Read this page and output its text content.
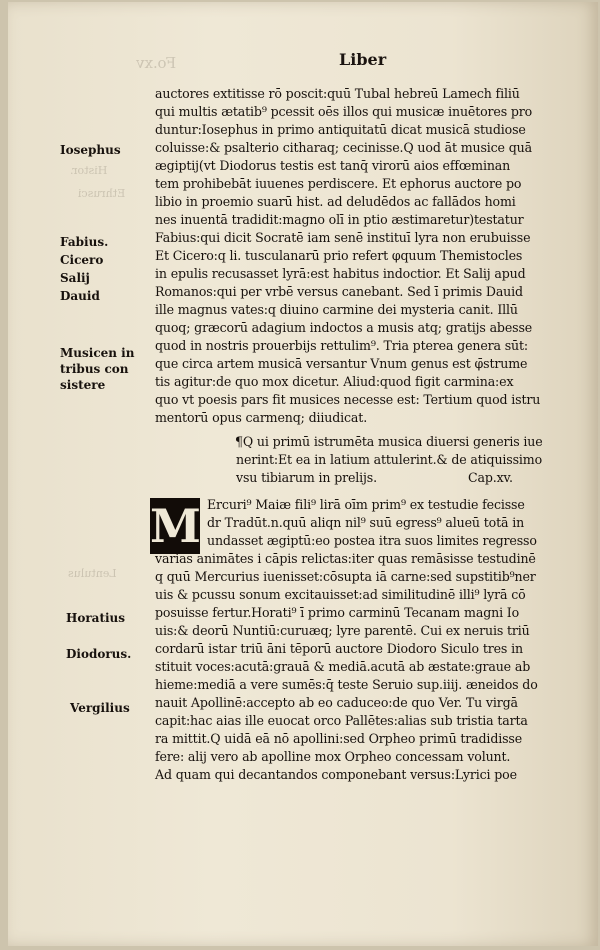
Fo.xv
Histor.
Ethrusci
Lentulus
Liber
auctores extitisse rō poscit:quū Tubal hebreū Lamech filiū
qui multis ætatib⁹ pcessit oēs illos qui musicæ inuētores pro
duntur:Iosephus in primo antiquitatū dicat musicā studiose
coluisse:& psalterio citharaq; cecinisse.Q uod āt musice quā
ægiptij(vt Diodorus testis est tanq̄ virorū aios effœminan
tem prohibebāt iuuenes perdiscere. Et ephorus auctore po
libio in proemio suarū hist. ad deludēdos ac fallādos homi
nes inuentā tradidit:magno olī in ptio æstimaretur)testatur
Fabius:qui dicit Socratē iam senē instituī lyra non erubuisse
Et Cicero:q li. tusculanarū prio refert φquum Themistocles
in epulis recusasset lyrā:est habitus indoctior. Et Salij apud
Romanos:qui per vrbē versus canebant. Sed ī primis Dauid
ille magnus vates:q diuino carmine dei mysteria canit. Illū
quoq; græcorū adagium indoctos a musis atq; gratijs abesse
quod in nostris prouerbijs rettulim⁹. Tria ptereа genera sūt:
que circa artem musicā versantur Vnum genus est φ̄strume
tis agitur:de quo mox dicetur. Aliud:quod figit carmina:ex
quo vt poesis pars fit musices necesse est: Tertium quod istru
mentorū opus carmenq; diiudicat.
¶Q ui primū istrumēta musica diuersi generis iue
nerint:Et ea in latium attulerint.& de atiquissimo
vsu tibiarum in prelijs.	Cap.xv.
M Ercuri⁹ Maiæ fili⁹ lirā oīm prim⁹ ex testudie fecisse
dr Tradūt.n.quū aliqn nil⁹ suū egress⁹ alueū totā in
undasset ægiptū:eo postea itra suos limites regresso
varias animātes i cāpis relictas:iter quas remāsisse testudinē
q quū Mercurius iuenisset:cōsupta iā carne:sed supstitib⁹ner
uis & pcussu sonum excitauisset:ad similitudinē illi⁹ lyrā cō
posuisse fertur.Horati⁹ ī primo carminū Tecanam magni Io
uis:& deorū Nuntiū:curuæq; lyre parentē. Cui ex neruis triū
cordarū istar triū āni tēporū auctore Diodoro Siculo tres in
stituit voces:acutā:grauā & mediā.acutā ab æstate:graue ab
hieme:mediā a vere sumēs:q̄ teste Seruio sup.iiij. æneidos do
nauit Apollinē:accepto ab eo caduceo:de quo Ver. Tu virgā
capit:hac aias ille euocat orco Pallētes:alias sub tristia tarta
ra mittit.Q uidā eā nō apollini:sed Orpheo primū tradidisse
fere: alij vero ab apolline mox Orpheo concessam volunt.
Ad quam qui decantandos componebant versus:Lyrici poe
Iosephus
Fabius.
Cicero
Salij
Dauid
Musicen in
tribus con
sistere
Horatius
Diodorus.
Vergilius
